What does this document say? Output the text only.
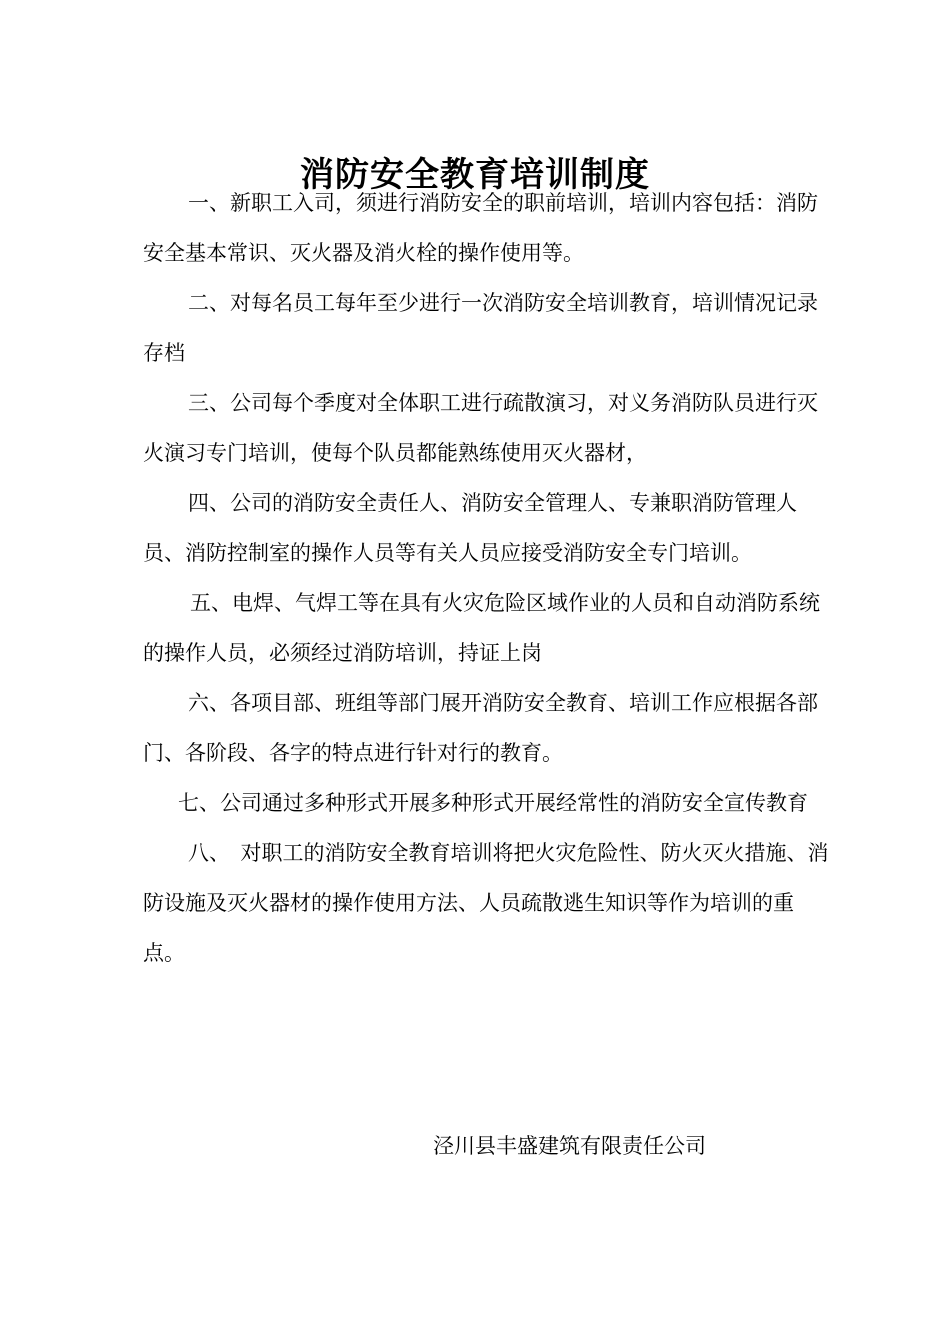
消防安全教育培训制度

一、新职工入司，须进行消防安全的职前培训，培训内容包括：消防安全基本常识、灭火器及消火栓的操作使用等。

二、对每名员工每年至少进行一次消防安全培训教育，培训情况记录存档

三、公司每个季度对全体职工进行疏散演习，对义务消防队员进行灭火演习专门培训，使每个队员都能熟练使用灭火器材，

四、公司的消防安全责任人、消防安全管理人、专兼职消防管理人员、消防控制室的操作人员等有关人员应接受消防安全专门培训。

五、电焊、气焊工等在具有火灾危险区域作业的人员和自动消防系统的操作人员，必须经过消防培训，持证上岗

六、各项目部、班组等部门展开消防安全教育、培训工作应根据各部门、各阶段、各字的特点进行针对行的教育。

七、公司通过多种形式开展多种形式开展经常性的消防安全宣传教育

八、　对职工的消防安全教育培训将把火灾危险性、防火灭火措施、消防设施及灭火器材的操作使用方法、人员疏散逃生知识等作为培训的重点。

泾川县丰盛建筑有限责任公司
